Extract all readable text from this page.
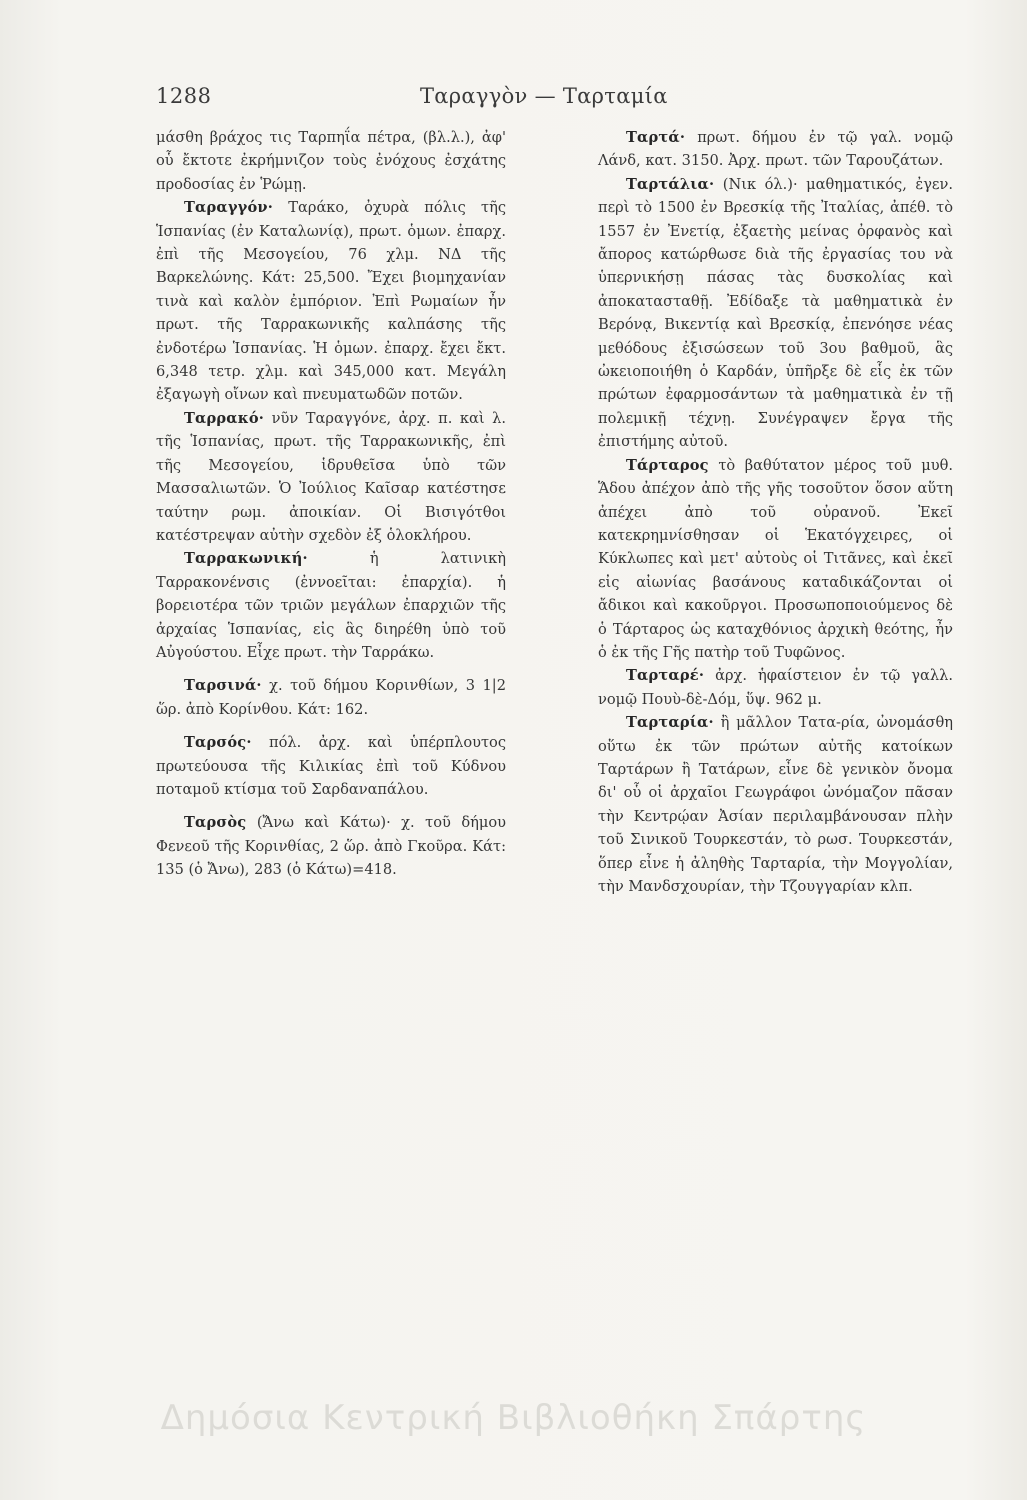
1288	Ταραγγὸν — Ταρταμία

μάσθη βράχος τις Ταρπηΐα πέτρα, (βλ.λ.), ἀφ' οὗ ἔκτοτε ἐκρήμνιζον τοὺς ἐνόχους ἐσχάτης προδοσίας ἐν Ῥώμῃ.

Ταραγγόν· Ταράκο, ὀχυρὰ πόλις τῆς Ἱσπανίας (ἐν Καταλωνίᾳ), πρωτ. ὁμων. ἐπαρχ. ἐπὶ τῆς Μεσογείου, 76 χλμ. ΝΔ τῆς Βαρκελώνης. Κάτ: 25,500. Ἔχει βιομηχανίαν τινὰ καὶ καλὸν ἐμπόριον. Ἐπὶ Ρωμαίων ἦν πρωτ. τῆς Ταρρακωνικῆς καλπάσης τῆς ἐνδοτέρω Ἱσπανίας. Ἡ ὁμων. ἐπαρχ. ἔχει ἔκτ. 6,348 τετρ. χλμ. καὶ 345,000 κατ. Μεγάλη ἐξαγωγὴ οἴνων καὶ πνευματωδῶν ποτῶν.

Ταρρακό· νῦν Ταραγγόνε, ἀρχ. π. καὶ λ. τῆς Ἱσπανίας, πρωτ. τῆς Ταρρακωνικῆς, ἐπὶ τῆς Μεσογείου, ἱδρυθεῖσα ὑπὸ τῶν Μασσαλιωτῶν. Ὁ Ἰούλιος Καῖσαρ κατέστησε ταύτην ρωμ. ἀποικίαν. Οἱ Βισιγότθοι κατέστρεψαν αὐτὴν σχεδὸν ἐξ ὁλοκλήρου.

Ταρρακωνική·	ἡ λατινικὴ Ταρρακονένσις (ἐννοεῖται: ἐπαρχία). ἡ βορειοτέρα τῶν τριῶν μεγάλων ἐπαρχιῶν τῆς ἀρχαίας Ἱσπανίας, εἰς ἃς διηρέθη ὑπὸ τοῦ Αὐγούστου. Εἶχε πρωτ. τὴν Ταρράκω.

Ταρσινά· χ. τοῦ δήμου Κορινθίων, 3 1|2 ὥρ. ἀπὸ Κορίνθου. Κάτ: 162.

Ταρσός· πόλ. ἀρχ. καὶ ὑπέρπλουτος πρωτεύουσα τῆς Κιλικίας ἐπὶ τοῦ Κύδνου ποταμοῦ κτίσμα τοῦ Σαρδαναπάλου.

Ταρσὸς (Ἄνω καὶ Κάτω)· χ. τοῦ δήμου Φενεοῦ τῆς Κορινθίας, 2 ὥρ. ἀπὸ Γκοῦρα. Κάτ: 135 (ὁ Ἄνω), 283 (ὁ Κάτω)=418.

Ταρτά· πρωτ. δήμου ἐν τῷ γαλ. νομῷ Λάνδ, κατ. 3150. Ἀρχ. πρωτ. τῶν Ταρουζάτων.

Ταρτάλια· (Νικ όλ.)· μαθηματικός, ἐγεν. περὶ τὸ 1500 ἐν Βρεσκίᾳ τῆς Ἰταλίας, ἀπέθ. τὸ 1557 ἐν Ἐνετίᾳ, ἐξαετὴς μείνας ὀρφανὸς καὶ ἄπορος κατώρθωσε διὰ τῆς ἐργασίας του νὰ ὑπερνικήσῃ πάσας τὰς δυσκολίας καὶ ἀποκατασταθῇ. Ἐδίδαξε τὰ μαθηματικὰ ἐν Βερόνᾳ, Βικεντίᾳ καὶ Βρεσκίᾳ, ἐπενόησε νέας μεθόδους ἐξισώσεων τοῦ 3ου βαθμοῦ, ἃς ὠκειοποιήθη ὁ Καρδάν, ὑπῆρξε δὲ εἷς ἐκ τῶν πρώτων ἐφαρμοσάντων τὰ μαθηματικὰ ἐν τῇ πολεμικῇ τέχνῃ. Συνέγραψεν ἔργα τῆς ἐπιστήμης αὐτοῦ.

Τάρταρος τὸ βαθύτατον μέρος τοῦ μυθ. Ἅδου ἀπέχον ἀπὸ τῆς γῆς τοσοῦτον ὅσον αὕτη ἀπέχει ἀπὸ τοῦ οὐρανοῦ. Ἐκεῖ κατεκρημνίσθησαν οἱ Ἑκατόγχειρες, οἱ Κύκλωπες καὶ μετ' αὐτοὺς οἱ Τιτᾶνες, καὶ ἐκεῖ εἰς αἰωνίας βασάνους καταδικάζονται οἱ ἄδικοι καὶ κακοῦργοι. Προσωποποιούμενος δὲ ὁ Τάρταρος ὡς καταχθόνιος ἀρχικὴ θεότης, ἦν ὁ ἐκ τῆς Γῆς πατὴρ τοῦ Τυφῶνος.

Ταρταρέ· ἀρχ. ἡφαίστειον ἐν τῷ γαλλ. νομῷ Πουὺ-δὲ-Δόμ, ὕψ. 962 μ.

Ταρταρία· ἢ μᾶλλον Τατα-ρία, ὠνομάσθη οὕτω ἐκ τῶν πρώτων αὐτῆς κατοίκων Ταρτάρων ἢ Τατάρων, εἶνε δὲ γενικὸν ὄνομα δι' οὗ οἱ ἀρχαῖοι Γεωγράφοι ὠνόμαζον πᾶσαν τὴν Κεντρῴαν Ἀσίαν περιλαμβάνουσαν πλὴν τοῦ Σινικοῦ Τουρκεστάν, τὸ ρωσ. Τουρκεστάν, ὅπερ εἶνε ἡ ἀληθὴς Ταρταρία, τὴν Μογγολίαν, τὴν Μανδσχουρίαν, τὴν Τζουγγαρίαν κλπ.

Δημόσια Κεντρική Βιβλιοθήκη Σπάρτης
